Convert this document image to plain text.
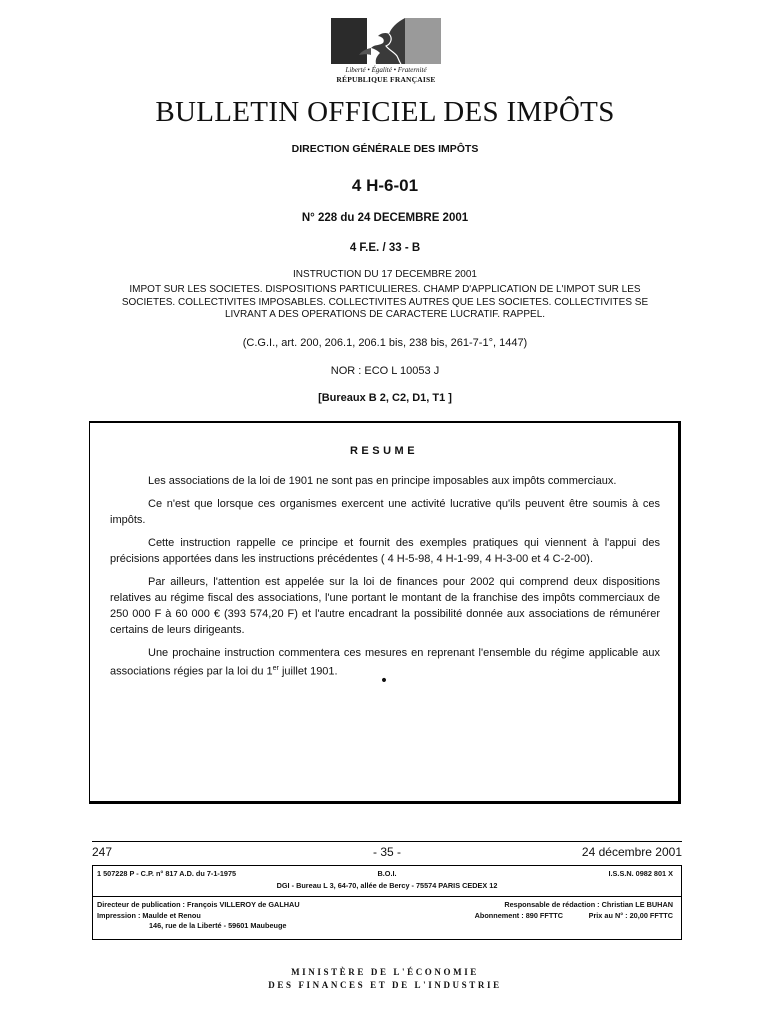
Liberté • Égalité • Fraternité
RÉPUBLIQUE FRANÇAISE
BULLETIN OFFICIEL DES IMPÔTS
DIRECTION GÉNÉRALE DES IMPÔTS
4 H-6-01
N° 228 du 24 DECEMBRE 2001
4 F.E. / 33 - B
INSTRUCTION DU 17 DECEMBRE 2001
IMPOT SUR LES SOCIETES. DISPOSITIONS PARTICULIERES. CHAMP D'APPLICATION DE L'IMPOT SUR LES SOCIETES. COLLECTIVITES IMPOSABLES. COLLECTIVITES AUTRES QUE LES SOCIETES. COLLECTIVITES SE LIVRANT A DES OPERATIONS DE CARACTERE LUCRATIF. RAPPEL.
(C.G.I., art. 200, 206.1, 206.1 bis, 238 bis, 261-7-1°, 1447)
NOR : ECO L 10053 J
[Bureaux B 2, C2, D1, T1 ]
RESUME

Les associations de la loi de 1901 ne sont pas en principe imposables aux impôts commerciaux.

Ce n'est que lorsque ces organismes exercent une activité lucrative qu'ils peuvent être soumis à ces impôts.

Cette instruction rappelle ce principe et fournit des exemples pratiques qui viennent à l'appui des précisions apportées dans les instructions précédentes ( 4 H-5-98, 4 H-1-99, 4 H-3-00 et 4 C-2-00).

Par ailleurs, l'attention est appelée sur la loi de finances pour 2002 qui comprend deux dispositions relatives au régime fiscal des associations, l'une portant le montant de la franchise des impôts commerciaux de 250 000 F à 60 000 € (393 574,20 F) et l'autre encadrant la possibilité donnée aux associations de rémunérer certains de leurs dirigeants.

Une prochaine instruction commentera ces mesures en reprenant l'ensemble du régime applicable aux associations régies par la loi du 1er juillet 1901.

•
247	- 35 -	24 décembre 2001
1 507228 P - C.P. n° 817 A.D. du 7-1-1975	B.O.I.	I.S.S.N. 0982 801 X
DGI - Bureau L 3, 64-70, allée de Bercy - 75574 PARIS CEDEX 12
Directeur de publication : François VILLEROY de GALHAU	Responsable de rédaction : Christian LE BUHAN
Impression : Maulde et Renou	Abonnement : 890 FFTTC	Prix au N° : 20,00 FFTTC
146, rue de la Liberté - 59601 Maubeuge
MINISTÈRE DE L'ÉCONOMIE
DES FINANCES ET DE L'INDUSTRIE
